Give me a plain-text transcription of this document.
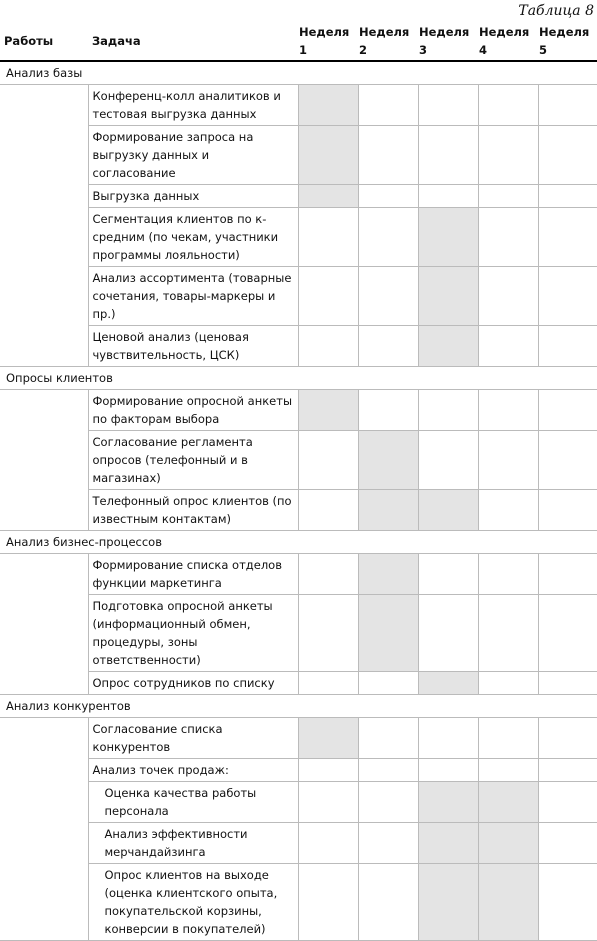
Таблица 8
Работы	Задача	Неделя 1	Неделя 2	Неделя 3	Неделя 4	Неделя 5
Анализ базы						
	Конференц-колл аналитиков и тестовая выгрузка данных					
	Формирование запроса на выгрузку данных и согласование					
	Выгрузка данных					
	Сегментация клиентов по к-средним (по чекам, участники программы лояльности)					
	Анализ ассортимента (товарные сочетания, товары-маркеры и пр.)					
	Ценовой анализ (ценовая чувствительность, ЦСК)					
Опросы клиентов						
	Формирование опросной анкеты по факторам выбора					
	Согласование регламента опросов (телефонный и в магазинах)					
	Телефонный опрос клиентов (по известным контактам)					
Анализ бизнес-процессов						
	Формирование списка отделов функции маркетинга					
	Подготовка опросной анкеты (информационный обмен, процедуры, зоны ответственности)					
	Опрос сотрудников по списку					
Анализ конкурентов						
	Согласование списка конкурентов					
	Анализ точек продаж:					
	Оценка качества работы персонала					
	Анализ эффективности мерчандайзинга					
	Опрос клиентов на выходе (оценка клиентского опыта, покупательской корзины, конверсии в покупателей)					
